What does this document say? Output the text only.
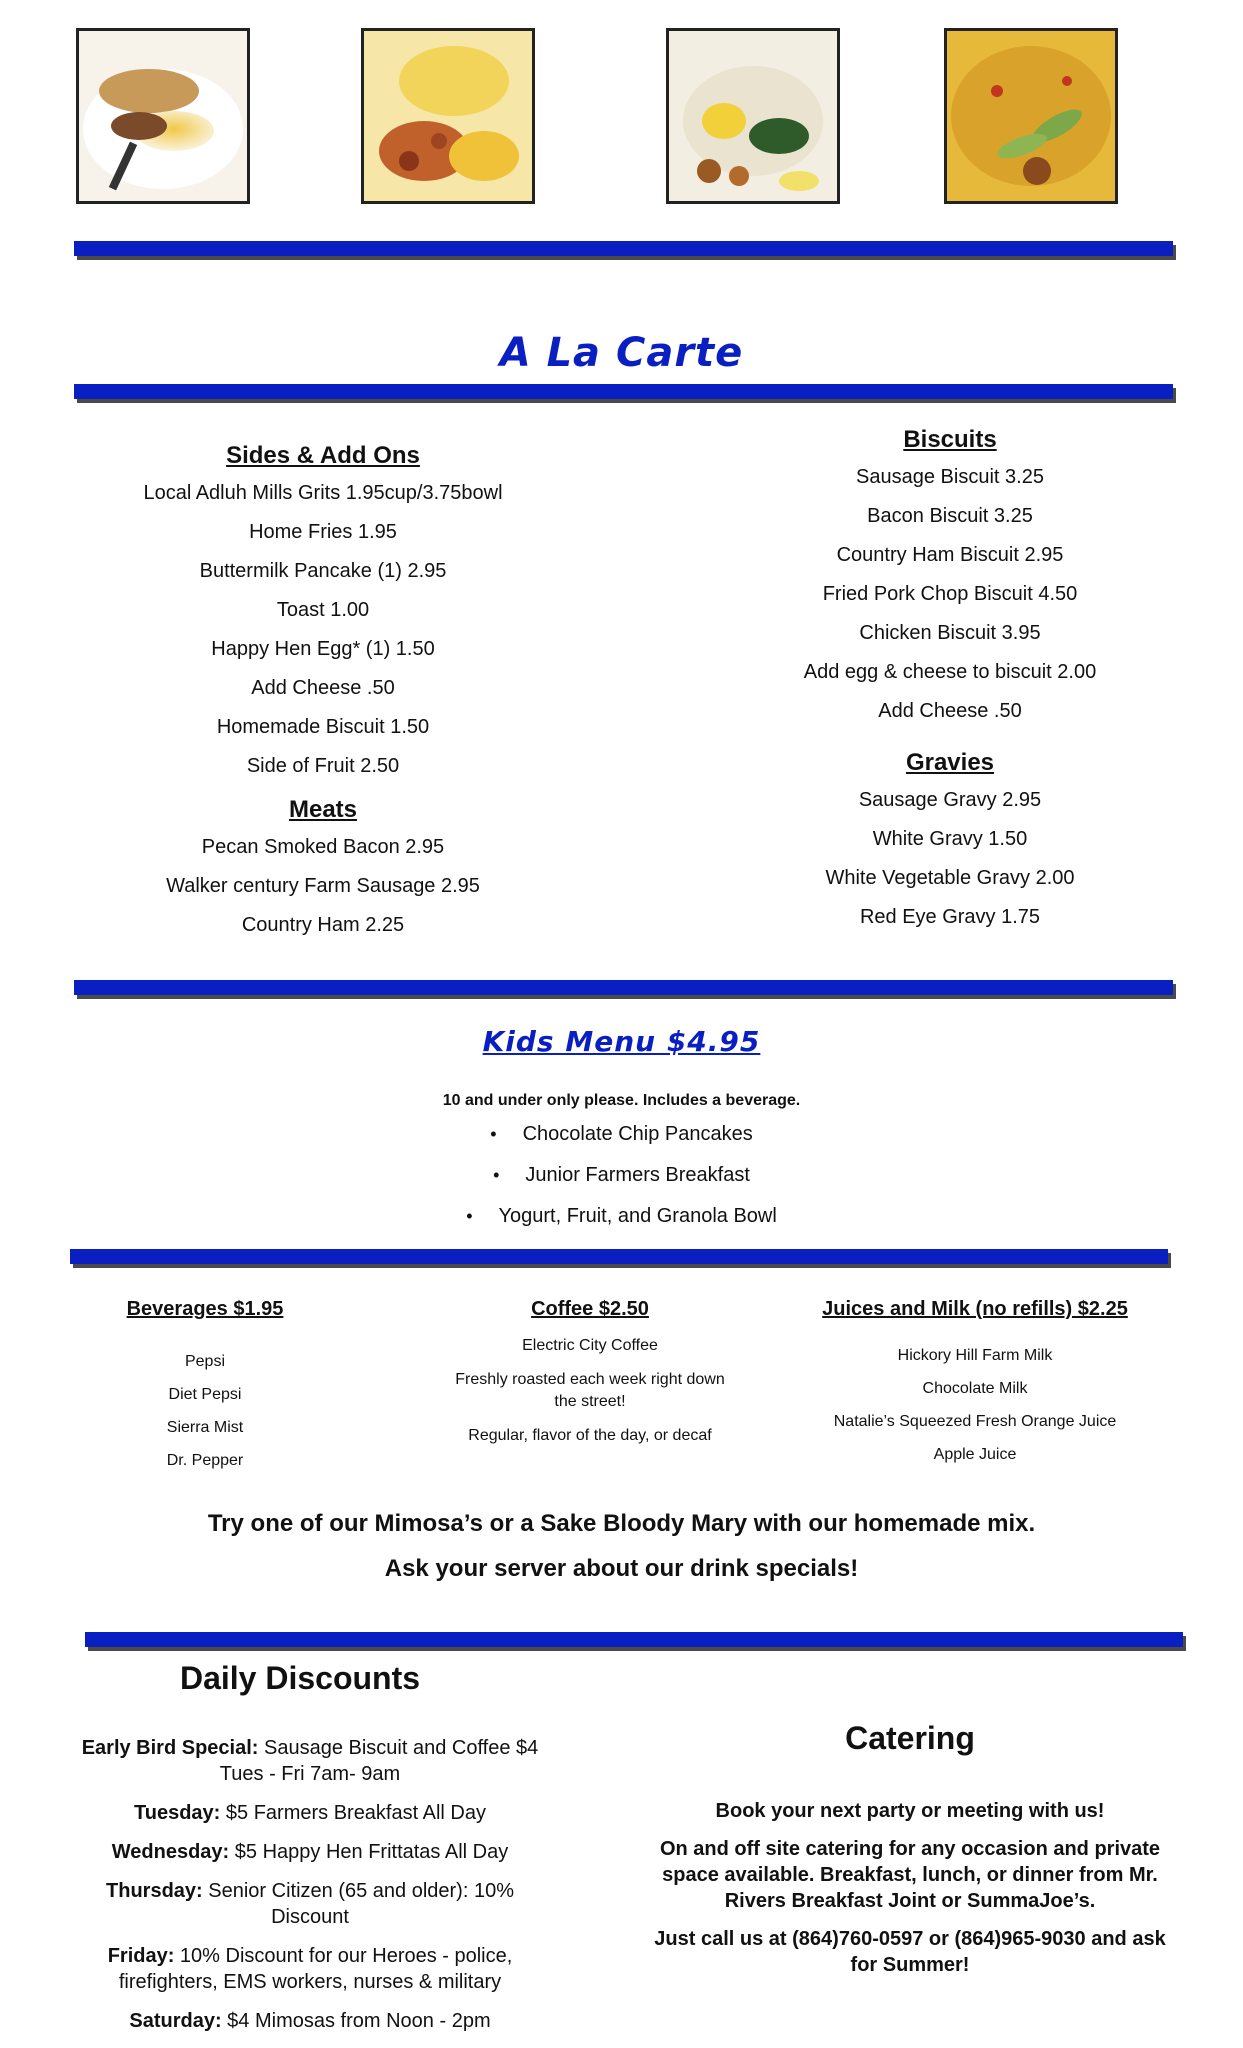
A La Carte
Sides & Add Ons

Local Adluh Mills Grits 1.95cup/3.75bowl

Home Fries 1.95

Buttermilk Pancake (1) 2.95

Toast 1.00

Happy Hen Egg* (1) 1.50

Add Cheese .50

Homemade Biscuit 1.50

Side of Fruit 2.50

Meats

Pecan Smoked Bacon 2.95

Walker century Farm Sausage 2.95

Country Ham 2.25

Biscuits

Sausage Biscuit 3.25

Bacon Biscuit 3.25

Country Ham Biscuit 2.95

Fried Pork Chop Biscuit 4.50

Chicken Biscuit 3.95

Add egg & cheese to biscuit 2.00

Add Cheese .50

Gravies

Sausage Gravy 2.95

White Gravy 1.50

White Vegetable Gravy 2.00

Red Eye Gravy 1.75

Kids Menu $4.95
10 and under only please. Includes a beverage.
• Chocolate Chip Pancakes
• Junior Farmers Breakfast
• Yogurt, Fruit, and Granola Bowl
Beverages $1.95

Pepsi

Diet Pepsi

Sierra Mist

Dr. Pepper

Coffee $2.50

Electric City Coffee

Freshly roasted each week right down the street!

Regular, flavor of the day, or decaf

Juices and Milk (no refills) $2.25

Hickory Hill Farm Milk

Chocolate Milk

Natalie’s Squeezed Fresh Orange Juice

Apple Juice

Try one of our Mimosa’s or a Sake Bloody Mary with our homemade mix.
Ask your server about our drink specials!
Daily Discounts

Early Bird Special: Sausage Biscuit and Coffee $4 Tues - Fri 7am- 9am

Tuesday: $5 Farmers Breakfast All Day

Wednesday: $5 Happy Hen Frittatas All Day

Thursday: Senior Citizen (65 and older): 10% Discount

Friday: 10% Discount for our Heroes - police, firefighters, EMS workers, nurses & military

Saturday: $4 Mimosas from Noon - 2pm

Catering

Book your next party or meeting with us!

On and off site catering for any occasion and private space available. Breakfast, lunch, or dinner from Mr. Rivers Breakfast Joint or SummaJoe’s.

Just call us at (864)760-0597 or (864)965-9030 and ask for Summer!
